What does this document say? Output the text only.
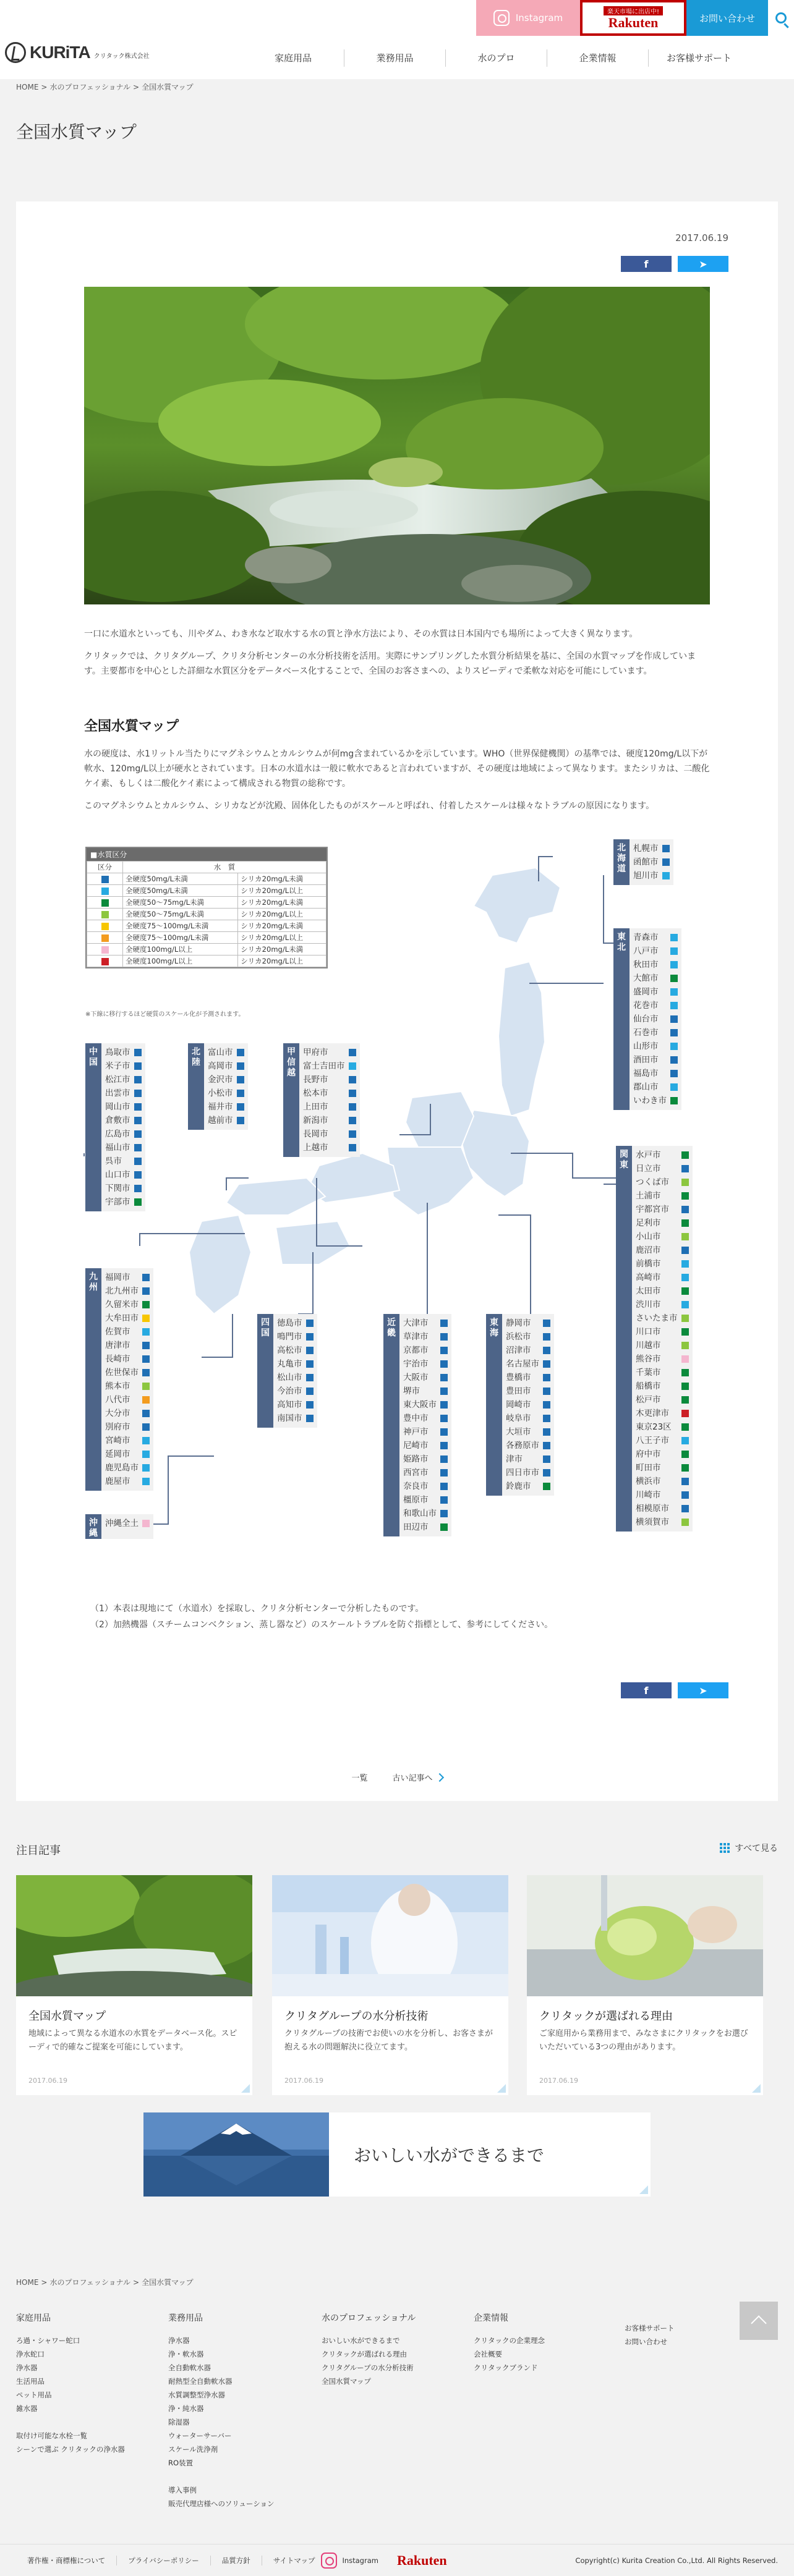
KURiTA クリタック株式会社
Instagram
楽天市場に出店中!
Rakuten	お問い合わせ
家庭用品	業務用品	水のプロ	企業情報	お客様サポート
HOME > 水のプロフェッショナル > 全国水質マップ
全国水質マップ
2017.06.19
f	➤

一口に水道水といっても、川やダム、わき水など取水する水の質と浄水方法により、その水質は日本国内でも場所によって大きく異なります。

クリタックでは、クリタグループ、クリタ分析センターの水分析技術を活用。実際にサンプリングした水質分析結果を基に、全国の水質マップを作成しています。主要都市を中心とした詳細な水質区分をデータベース化することで、全国のお客さまへの、よりスピーディで柔軟な対応を可能にしています。

全国水質マップ

水の硬度は、水1リットル当たりにマグネシウムとカルシウムが何mg含まれているかを示しています。WHO（世界保健機関）の基準では、硬度120mg/L以下が軟水、120mg/L以上が硬水とされています。日本の水道水は一般に軟水であると言われていますが、その硬度は地域によって異なります。またシリカは、二酸化ケイ素、もしくは二酸化ケイ素によって構成される物質の総称です。

このマグネシウムとカルシウム、シリカなどが沈殿、固体化したものがスケールと呼ばれ、付着したスケールは様々なトラブルの原因になります。

■水質区分
区分	水　質	
	全硬度50mg/L未満	シリカ20mg/L未満
	全硬度50mg/L未満	シリカ20mg/L以上
	全硬度50〜75mg/L未満	シリカ20mg/L未満
	全硬度50〜75mg/L未満	シリカ20mg/L以上
	全硬度75〜100mg/L未満	シリカ20mg/L未満
	全硬度75〜100mg/L未満	シリカ20mg/L以上
	全硬度100mg/L以上	シリカ20mg/L未満
	全硬度100mg/L以上	シリカ20mg/L以上
※下線に移行するほど硬質のスケール化が予測されます。
北
海
道
札幌市
函館市
旭川市
東
北
青森市
八戸市
秋田市
大館市
盛岡市
花巻市
仙台市
石巻市
山形市
酒田市
福島市
郡山市
いわき市
関
東
水戸市
日立市
つくば市
土浦市
宇都宮市
足利市
小山市
鹿沼市
前橋市
高崎市
太田市
渋川市
さいたま市
川口市
川越市
熊谷市
千葉市
船橋市
松戸市
木更津市
東京23区
八王子市
府中市
町田市
横浜市
川崎市
相模原市
横須賀市
中
国
鳥取市
米子市
松江市
出雲市
岡山市
倉敷市
広島市
福山市
呉市
山口市
下関市
宇部市
北
陸
富山市
高岡市
金沢市
小松市
福井市
越前市
甲
信
越
甲府市
富士吉田市
長野市
松本市
上田市
新潟市
長岡市
上越市
九
州
福岡市
北九州市
久留米市
大牟田市
佐賀市
唐津市
長崎市
佐世保市
熊本市
八代市
大分市
別府市
宮崎市
延岡市
鹿児島市
鹿屋市
四
国
徳島市
鳴門市
高松市
丸亀市
松山市
今治市
高知市
南国市
近
畿
大津市
草津市
京都市
宇治市
大阪市
堺市
東大阪市
豊中市
神戸市
尼崎市
姫路市
西宮市
奈良市
橿原市
和歌山市
田辺市
東
海
静岡市
浜松市
沼津市
名古屋市
豊橋市
豊田市
岡崎市
岐阜市
大垣市
各務原市
津市
四日市市
鈴鹿市
沖
縄
沖縄全土
（1）本表は現地にて（水道水）を採取し、クリタ分析センターで分析したものです。
（2）加熱機器（スチームコンベクション、蒸し器など）のスケールトラブルを防ぐ指標として、参考にしてください。
f	➤
一覧	古い記事へ
注目記事	すべて見る
全国水質マップ
地域によって異なる水道水の水質をデータベース化。スピーディで的確なご提案を可能にしています。
2017.06.19
クリタグループの水分析技術
クリタグループの技術でお使いの水を分析し、お客さまが抱える水の問題解決に役立てます。
2017.06.19
クリタックが選ばれる理由
ご家庭用から業務用まで、みなさまにクリタックをお選びいただいている3つの理由があります。
2017.06.19
おいしい水ができるまで
HOME > 水のプロフェッショナル > 全国水質マップ
家庭用品
ろ過・シャワー蛇口
浄水蛇口
浄水器
生活用品
ペット用品
雑水器
取付け可能な水栓一覧
シーンで選ぶ クリタックの浄水器
業務用品
浄水器
浄・軟水器
全自動軟水器
耐熱型全自動軟水器
水質調整型浄水器
浄・純水器
除湿器
ウォーターサーバー
スケール洗浄剤
RO装置
導入事例
販売代理店様へのソリューション
水のプロフェッショナル
おいしい水ができるまで
クリタックが選ばれる理由
クリタグループの水分析技術
全国水質マップ
企業情報
クリタックの企業理念
会社概要
クリタックブランド
お客様サポート
お問い合わせ
著作権・商標権について	プライバシーポリシー	品質方針	サイトマップ	Instagram Rakuten	Copyright(c) Kurita Creation Co.,Ltd. All Rights Reserved.
